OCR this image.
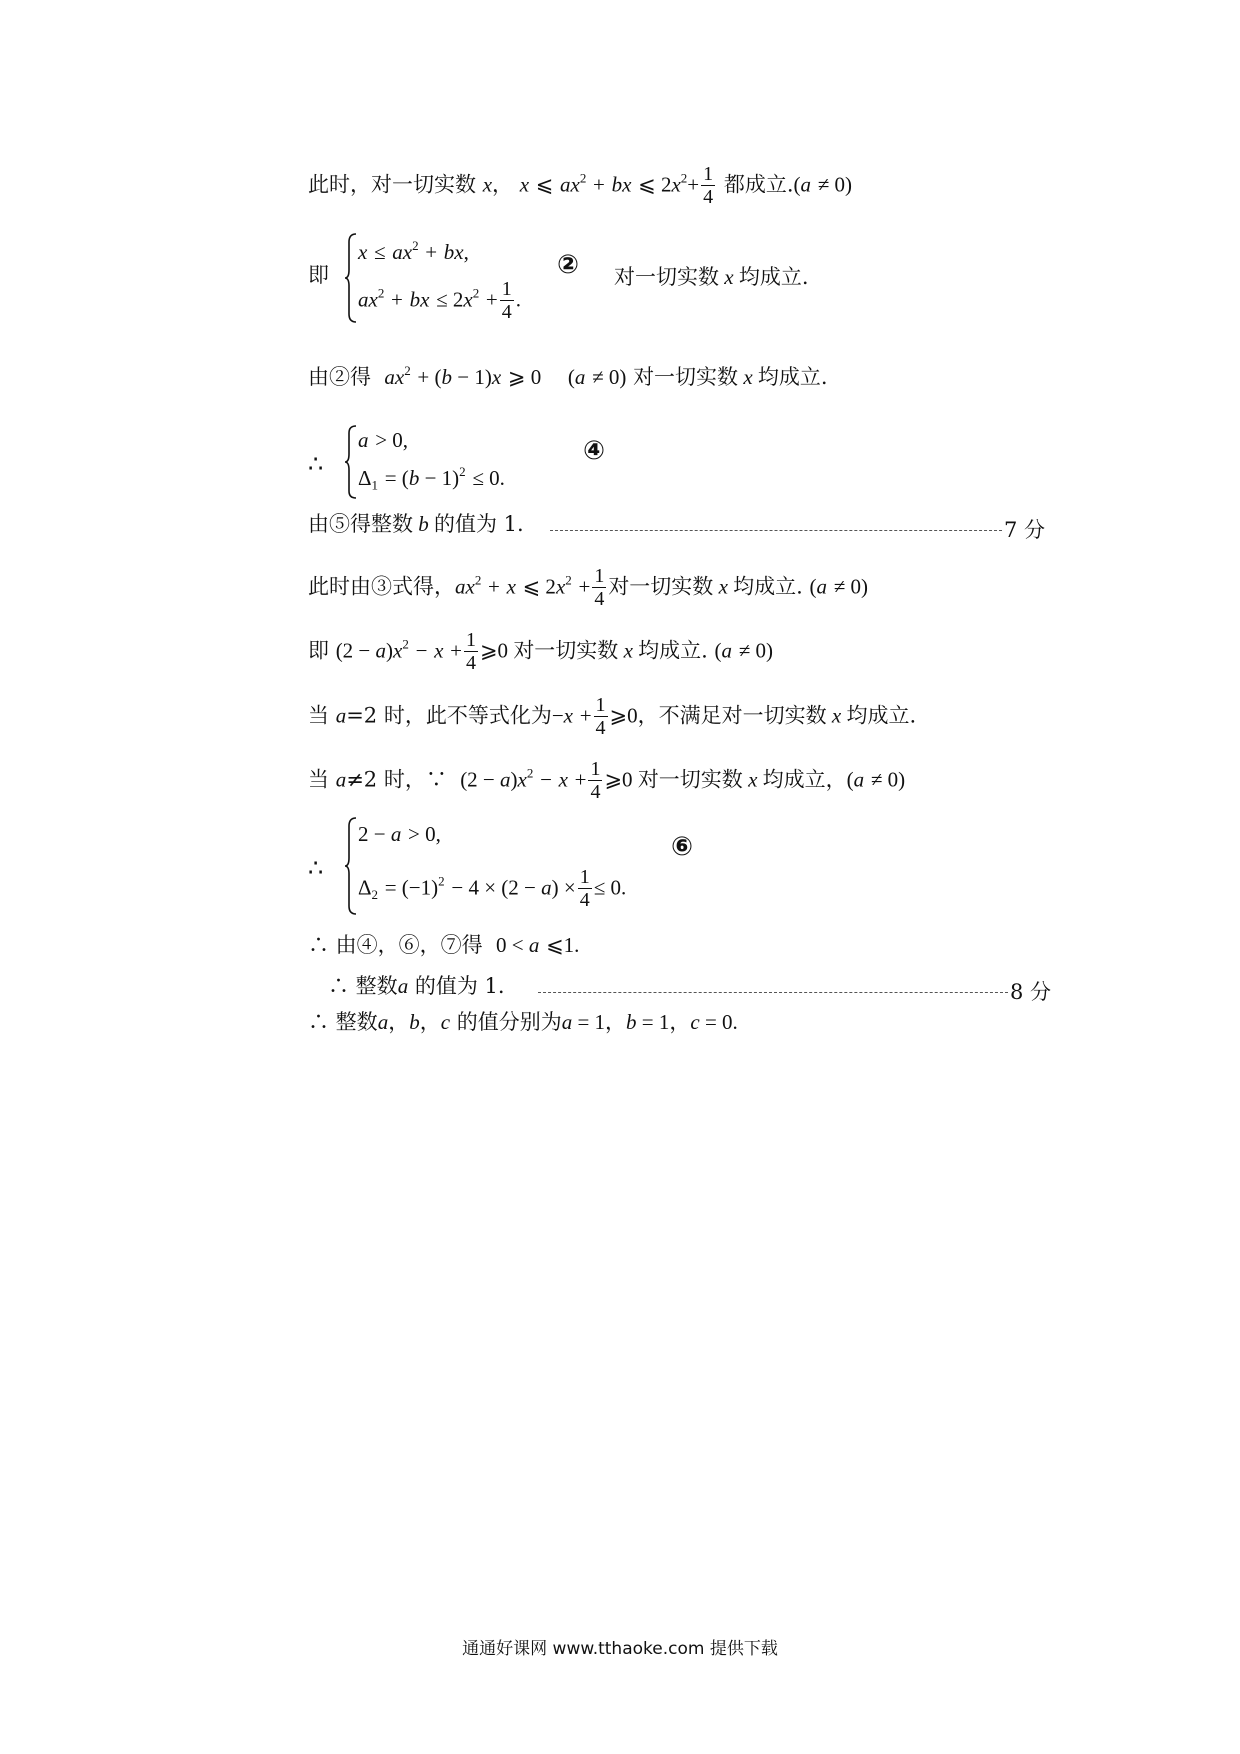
此时，对一切实数 x， x ⩽ $ax^2$ + bx ⩽ $2x^2+ \frac{1}{4}$ 都成立.(a ≠ 0)
即
$x \le ax^2$ + bx,
$ax^2$ + bx ≤ $2x^2 + \frac{1}{4}$ .
② 对一切实数 x 均成立.
由②得 $ax^2 + (b - 1)x$ ⩾ 0 (a ≠ 0) 对一切实数 x 均成立.
∴
a > 0,
$\Delta_1 = (b - 1)^2 \le 0$.
④
由⑤得整数 b 的值为 1.	7 分
此时由③式得，$ax^2 + x$ ⩽ $2x^2 + \frac{1}{4}$ 对一切实数 x 均成立. (a ≠ 0)
即 $(2 - a)x^2 - x + \frac{1}{4}$ ⩾0 对一切实数 x 均成立. (a ≠ 0)
当 a=2 时，此不等式化为$-x + \frac{1}{4}$ ⩾0，不满足对一切实数 x 均成立.
当 a≠2 时，∵ $(2 - a)x^2 - x + \frac{1}{4}$ ⩾0 对一切实数 x 均成立，(a ≠ 0)
∴
2 − a > 0,
$\Delta_2 = (-1)^2 - 4 \times (2 - a) \times \frac{1}{4} \le 0$.
⑥
∴ 由④，⑥，⑦得 0 < a ⩽1.
∴ 整数a 的值为 1.	8 分
∴ 整数a，b，c 的值分别为a = 1，b = 1，c = 0.
通通好课网 www.tthaoke.com 提供下载
